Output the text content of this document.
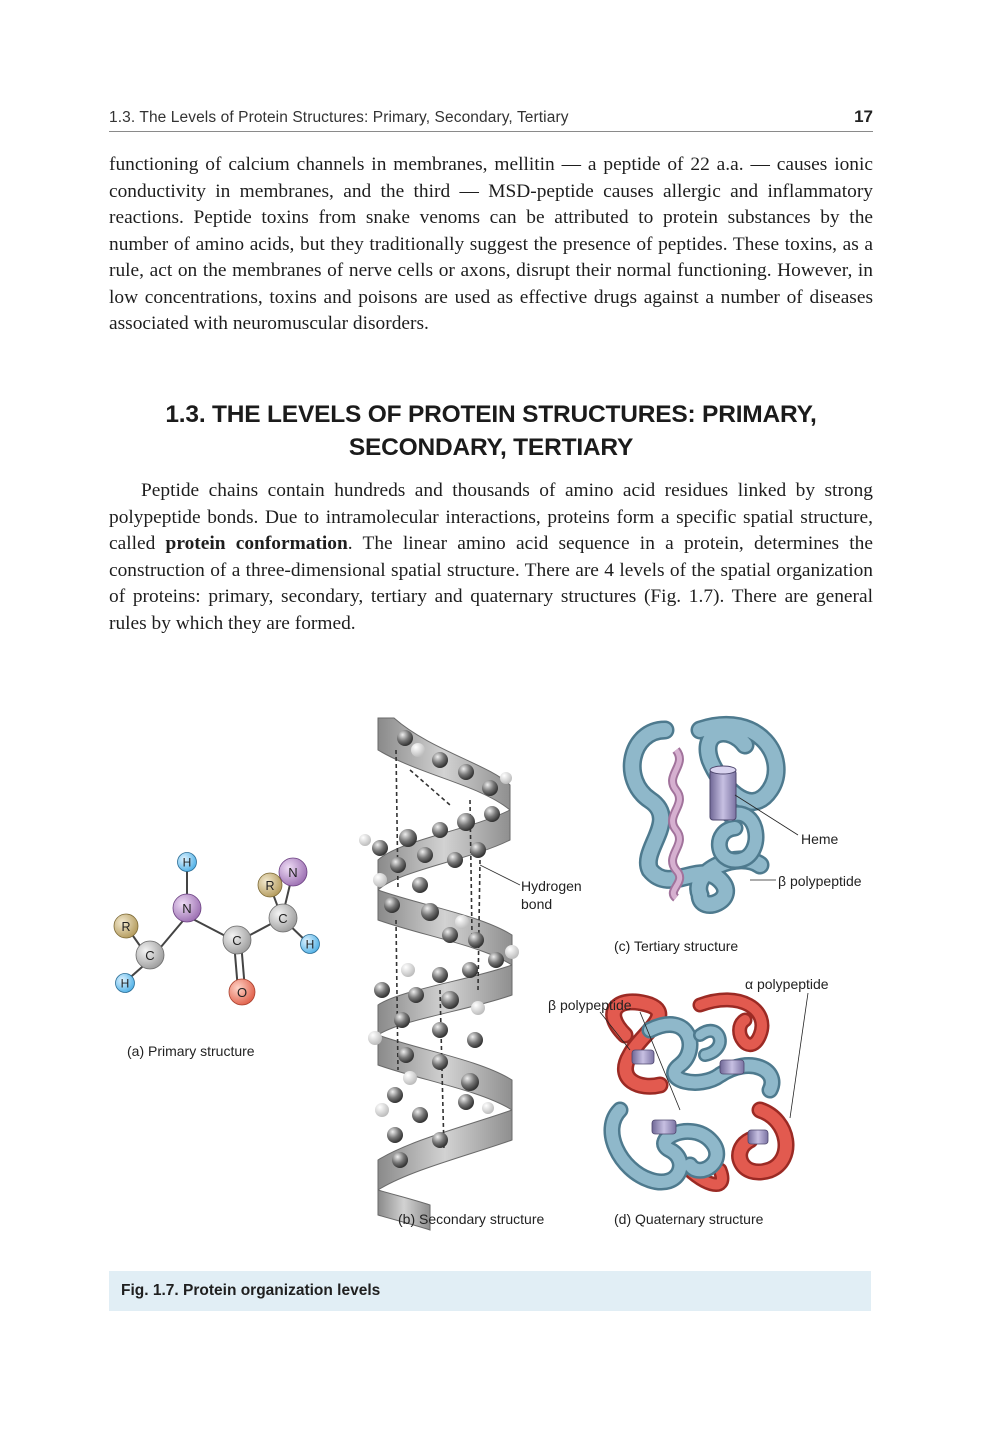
1.3. The Levels of Protein Structures: Primary, Secondary, Tertiary	17

functioning of calcium channels in membranes, mellitin — a peptide of 22 a.a. — causes ionic conductivity in membranes, and the third — MSD-peptide causes allergic and inflammatory reactions. Peptide toxins from snake venoms can be attributed to protein substances by the number of amino acids, but they traditionally suggest the presence of peptides. These toxins, as a rule, act on the membranes of nerve cells or axons, disrupt their normal functioning. However, in low concentrations, toxins and poisons are used as effective drugs against a number of diseases associated with neuromuscular disorders.

1.3. THE LEVELS OF PROTEIN STRUCTURES: PRIMARY, SECONDARY, TERTIARY

Peptide chains contain hundreds and thousands of amino acid residues linked by strong polypeptide bonds. Due to intramolecular interactions, proteins form a specific spatial structure, called protein conformation. The linear amino acid sequence in a protein, determines the construction of a three-dimensional spatial structure. There are 4 levels of the spatial organization of proteins: primary, secondary, tertiary and quaternary structures (Fig. 1.7). There are general rules by which they are formed.

H
N
R
C
H
C
O
N
R
C
H
(a) Primary structure
Hydrogen
bond
(b) Secondary structure
Heme
β polypeptide
(c) Tertiary structure
α polypeptide
β polypeptide
(d) Quaternary structure
Fig. 1.7. Protein organization levels
